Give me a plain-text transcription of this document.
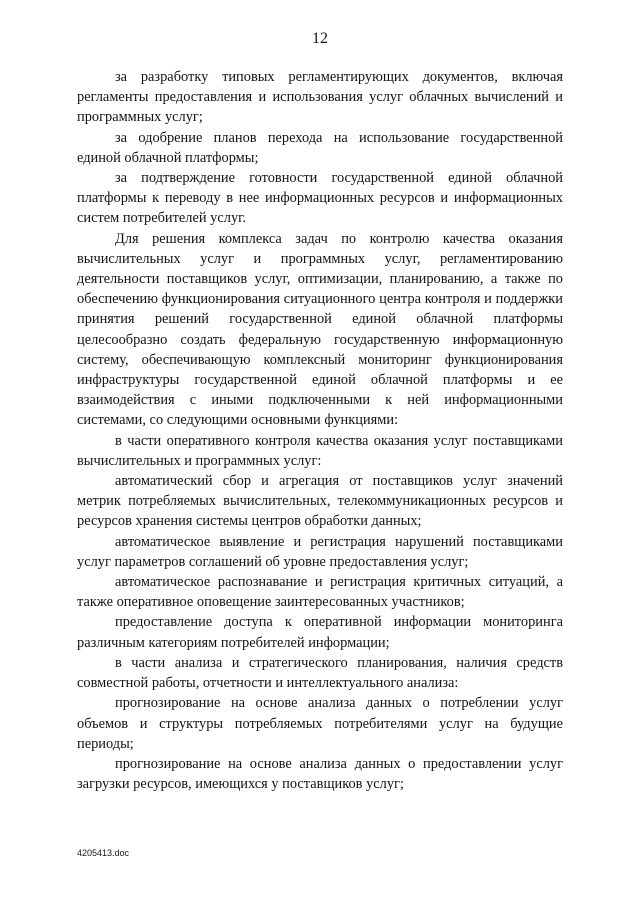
12

за разработку типовых регламентирующих документов, включая регламенты предоставления и использования услуг облачных вычислений и программных услуг;

за одобрение планов перехода на использование государственной единой облачной платформы;

за подтверждение готовности государственной единой облачной платформы к переводу в нее информационных ресурсов и информационных систем потребителей услуг.

Для решения комплекса задач по контролю качества оказания вычислительных услуг и программных услуг, регламентированию деятельности поставщиков услуг, оптимизации, планированию, а также по обеспечению функционирования ситуационного центра контроля и поддержки принятия решений государственной единой облачной платформы целесообразно создать федеральную государственную информационную систему, обеспечивающую комплексный мониторинг функционирования инфраструктуры государственной единой облачной платформы и ее взаимодействия с иными подключенными к ней информационными системами, со следующими основными функциями:

в части оперативного контроля качества оказания услуг поставщиками вычислительных и программных услуг:

автоматический сбор и агрегация от поставщиков услуг значений метрик потребляемых вычислительных, телекоммуникационных ресурсов и ресурсов хранения системы центров обработки данных;

автоматическое выявление и регистрация нарушений поставщиками услуг параметров соглашений об уровне предоставления услуг;

автоматическое распознавание и регистрация критичных ситуаций, а также оперативное оповещение заинтересованных участников;

предоставление доступа к оперативной информации мониторинга различным категориям потребителей информации;

в части анализа и стратегического планирования, наличия средств совместной работы, отчетности и интеллектуального анализа:

прогнозирование на основе анализа данных о потреблении услуг объемов и структуры потребляемых потребителями услуг на будущие периоды;

прогнозирование на основе анализа данных о предоставлении услуг загрузки ресурсов, имеющихся у поставщиков услуг;

4205413.doc
